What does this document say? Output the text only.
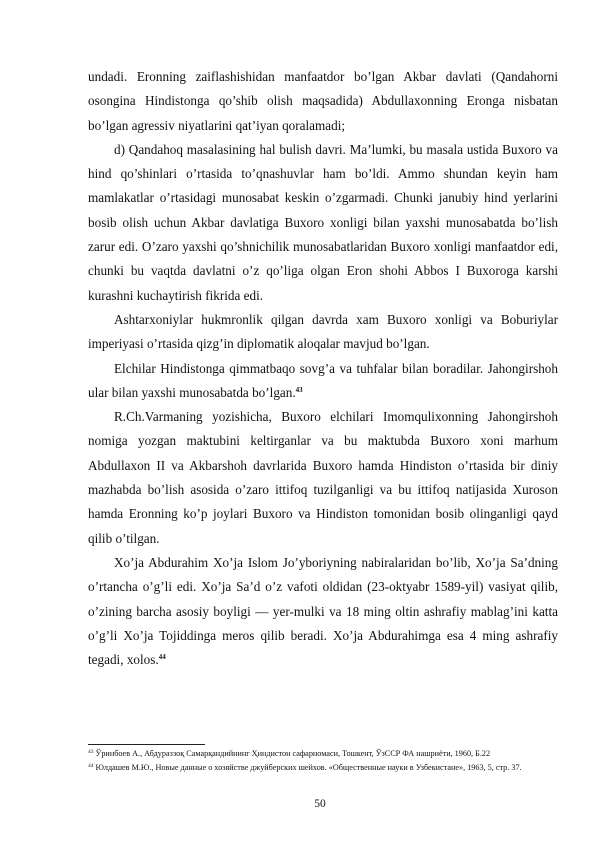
undadi. Eronning zaiflashishidan manfaatdor bo’lgan Akbar davlati (Qandahorni osongina Hindistonga qo’shib olish maqsadida) Abdullaxonning Eronga nisbatan bo’lgan agressiv niyatlarini qat’iyan qoralamadi;

d) Qandahoq masalasining hal bulish davri. Ma’lumki, bu masala ustida Buxoro va hind qo’shinlari o’rtasida to’qnashuvlar ham bo’ldi. Ammo shundan keyin ham mamlakatlar o’rtasidagi munosabat keskin o’zgarmadi. Chunki janubiy hind yerlarini bosib olish uchun Akbar davlatiga Buxoro xonligi bilan yaxshi munosabatda bo’lish zarur edi. O’zaro yaxshi qo’shnichilik munosabatlaridan Buxoro xonligi manfaatdor edi, chunki bu vaqtda davlatni o’z qo’liga olgan Eron shohi Abbos I Buxoroga karshi kurashni kuchaytirish fikrida edi.

Ashtarxoniylar hukmronlik qilgan davrda xam Buxoro xonligi va Boburiylar imperiyasi o’rtasida qizg’in diplomatik aloqalar mavjud bo’lgan.

Elchilar Hindistonga qimmatbaqo sovg’a va tuhfalar bilan boradilar. Jahongirshoh ular bilan yaxshi munosabatda bo’lgan.$^{43}$

R.Ch.Varmaning yozishicha, Buxoro elchilari Imomqulixonning Jahongirshoh nomiga yozgan maktubini keltirganlar va bu maktubda Buxoro xoni marhum Abdullaxon II va Akbarshoh davrlarida Buxoro hamda Hindiston o’rtasida bir diniy mazhabda bo’lish asosida o’zaro ittifoq tuzilganligi va bu ittifoq natijasida Xuroson hamda Eronning ko’p joylari Buxoro va Hindiston tomonidan bosib olinganligi qayd qilib o’tilgan.

Xo’ja Abdurahim Xo’ja Islom Jo’yboriyning nabiralaridan bo’lib, Xo’ja Sa’dning o’rtancha o’g’li edi. Xo’ja Sa’d o’z vafoti oldidan (23-oktyabr 1589-yil) vasiyat qilib, o’zining barcha asosiy boyligi — yer-mulki va 18 ming oltin ashrafiy mablag’ini katta o’g’li Xo’ja Tojiddinga meros qilib beradi. Xo’ja Abdurahimga esa 4 ming ashrafiy tegadi, xolos.$^{44}$

$^{43}$ Ўринбоев А., Абдураззоқ Самарқандийнинг Ҳиндистон сафарномаси, Тошкент, ЎзССР ФА нашриёти, 1960, Б.22

$^{44}$ Юлдашев М.Ю., Новые данные о хозяйстве джуйберских шейхов. «Общественные науки в Узбекистане», 1963, 5, стр. 37.

50
